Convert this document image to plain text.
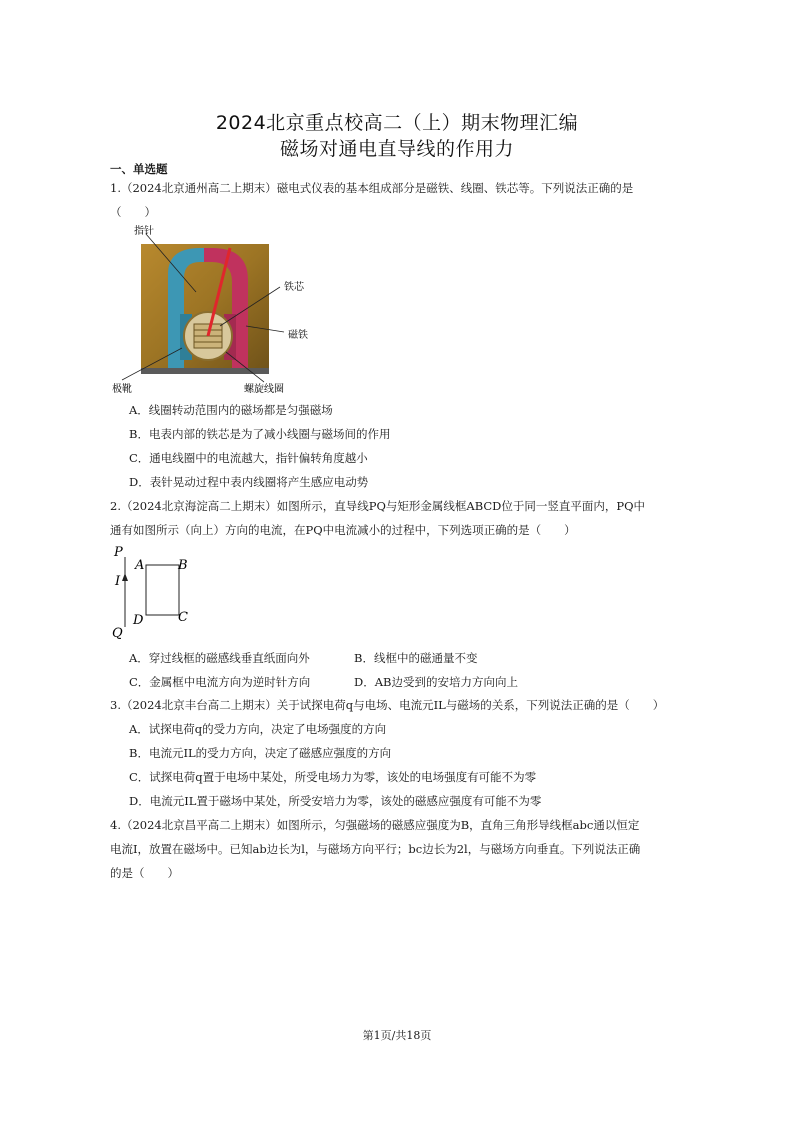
2024北京重点校高二（上）期末物理汇编
磁场对通电直导线的作用力
一、单选题
1.（2024北京通州高二上期末）磁电式仪表的基本组成部分是磁铁、线圈、铁芯等。下列说法正确的是
（　　）
指针
铁芯
磁铁
极靴	螺旋线圈
A．线圈转动范围内的磁场都是匀强磁场
B．电表内部的铁芯是为了减小线圈与磁场间的作用
C．通电线圈中的电流越大，指针偏转角度越小
D．表针晃动过程中表内线圈将产生感应电动势
2.（2024北京海淀高二上期末）如图所示，直导线PQ与矩形金属线框ABCD位于同一竖直平面内，PQ中
通有如图所示（向上）方向的电流，在PQ中电流减小的过程中，下列选项正确的是（　　）
P
I
Q
A	B
C
D
A．穿过线框的磁感线垂直纸面向外	B．线框中的磁通量不变
C．金属框中电流方向为逆时针方向	D．AB边受到的安培力方向向上
3.（2024北京丰台高二上期末）关于试探电荷q与电场、电流元IL与磁场的关系，下列说法正确的是（　　）
A．试探电荷q的受力方向，决定了电场强度的方向
B．电流元IL的受力方向，决定了磁感应强度的方向
C．试探电荷q置于电场中某处，所受电场力为零，该处的电场强度有可能不为零
D．电流元IL置于磁场中某处，所受安培力为零，该处的磁感应强度有可能不为零
4.（2024北京昌平高二上期末）如图所示，匀强磁场的磁感应强度为B，直角三角形导线框abc通以恒定
电流I，放置在磁场中。已知ab边长为l，与磁场方向平行；bc边长为2l，与磁场方向垂直。下列说法正确
的是（　　）
第1页/共18页
